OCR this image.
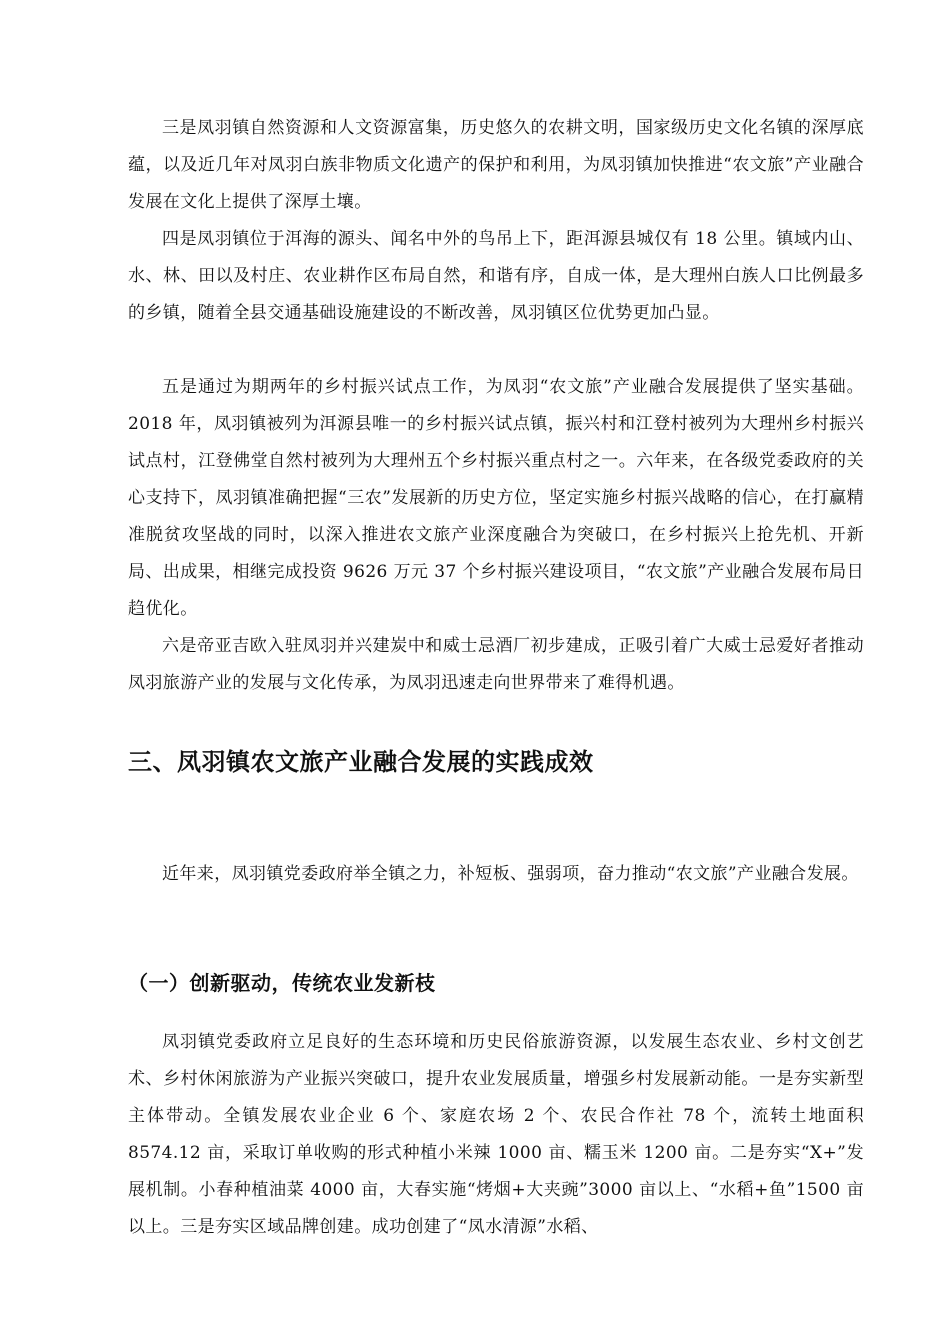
三是凤羽镇自然资源和人文资源富集，历史悠久的农耕文明，国家级历史文化名镇的深厚底蕴，以及近几年对凤羽白族非物质文化遗产的保护和利用，为凤羽镇加快推进“农文旅”产业融合发展在文化上提供了深厚土壤。

四是凤羽镇位于洱海的源头、闻名中外的鸟吊上下，距洱源县城仅有 18 公里。镇域内山、水、林、田以及村庄、农业耕作区布局自然，和谐有序，自成一体，是大理州白族人口比例最多的乡镇，随着全县交通基础设施建设的不断改善，凤羽镇区位优势更加凸显。

五是通过为期两年的乡村振兴试点工作，为凤羽“农文旅”产业融合发展提供了坚实基础。2018 年，凤羽镇被列为洱源县唯一的乡村振兴试点镇，振兴村和江登村被列为大理州乡村振兴试点村，江登佛堂自然村被列为大理州五个乡村振兴重点村之一。六年来，在各级党委政府的关心支持下，凤羽镇准确把握“三农”发展新的历史方位，坚定实施乡村振兴战略的信心，在打赢精准脱贫攻坚战的同时，以深入推进农文旅产业深度融合为突破口，在乡村振兴上抢先机、开新局、出成果，相继完成投资 9626 万元 37 个乡村振兴建设项目，“农文旅”产业融合发展布局日趋优化。

六是帝亚吉欧入驻凤羽并兴建炭中和威士忌酒厂初步建成，正吸引着广大威士忌爱好者推动凤羽旅游产业的发展与文化传承，为凤羽迅速走向世界带来了难得机遇。

三、凤羽镇农文旅产业融合发展的实践成效

近年来，凤羽镇党委政府举全镇之力，补短板、强弱项，奋力推动“农文旅”产业融合发展。

（一）创新驱动，传统农业发新枝

凤羽镇党委政府立足良好的生态环境和历史民俗旅游资源，以发展生态农业、乡村文创艺术、乡村休闲旅游为产业振兴突破口，提升农业发展质量，增强乡村发展新动能。一是夯实新型主体带动。全镇发展农业企业 6 个、家庭农场 2 个、农民合作社 78 个，流转土地面积 8574.12 亩，采取订单收购的形式种植小米辣 1000 亩、糯玉米 1200 亩。二是夯实“X+”发展机制。小春种植油菜 4000 亩，大春实施“烤烟+大夹豌”3000 亩以上、“水稻+鱼”1500 亩以上。三是夯实区域品牌创建。成功创建了“凤水清源”水稻、
